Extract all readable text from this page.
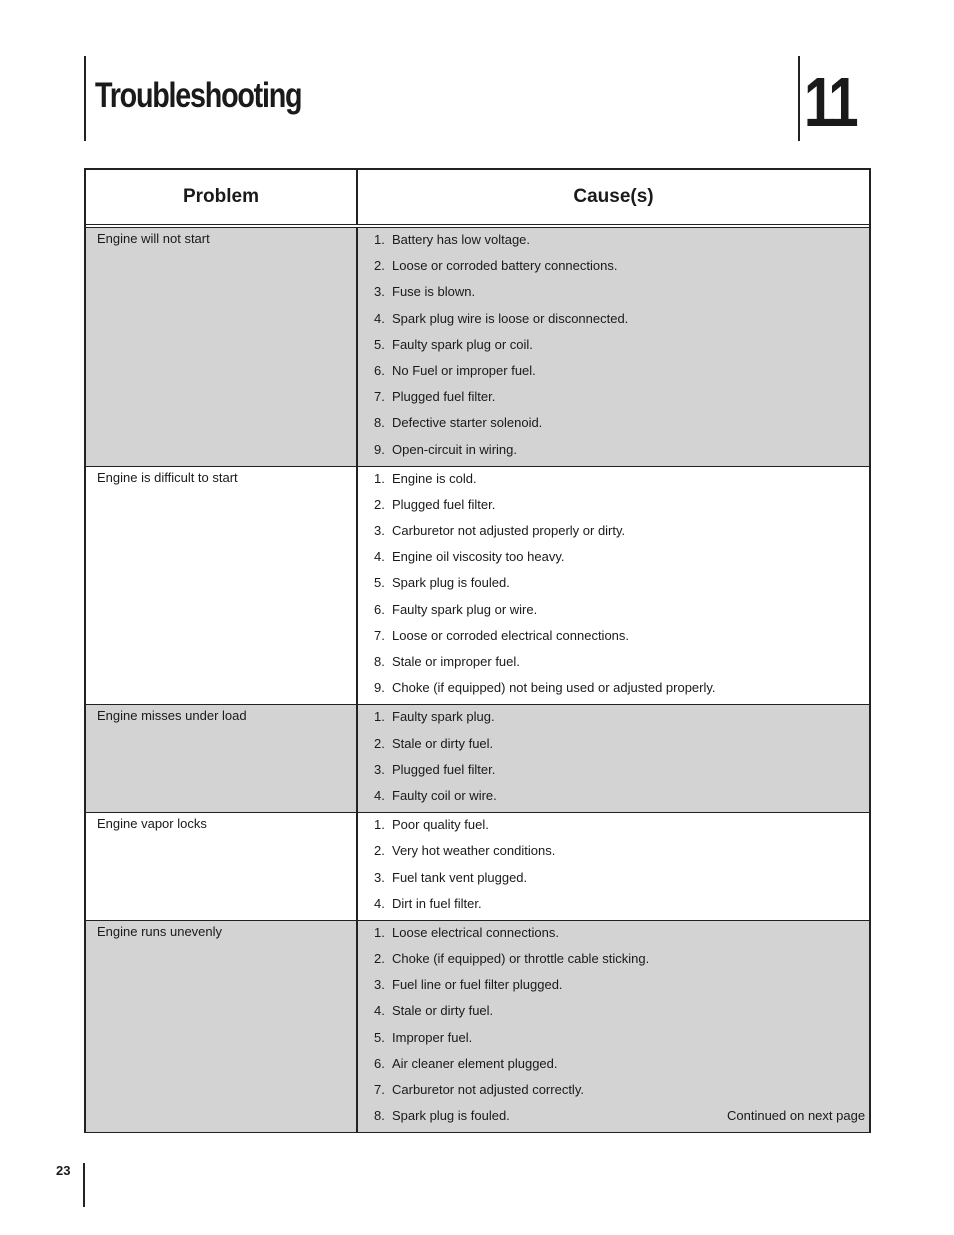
Troubleshooting	11
Problem	Cause(s)
Engine will not start	1. Battery has low voltage.
2. Loose or corroded battery connections.
3. Fuse is blown.
4. Spark plug wire is loose or disconnected.
5. Faulty spark plug or coil.
6. No Fuel or improper fuel.
7. Plugged fuel filter.
8. Defective starter solenoid.
9. Open-circuit in wiring.
Engine is difficult to start	1. Engine is cold.
2. Plugged fuel filter.
3. Carburetor not adjusted properly or dirty.
4. Engine oil viscosity too heavy.
5. Spark plug is fouled.
6. Faulty spark plug or wire.
7. Loose or corroded electrical connections.
8. Stale or improper fuel.
9. Choke (if equipped) not being used or adjusted properly.
Engine misses under load	1. Faulty spark plug.
2. Stale or dirty fuel.
3. Plugged fuel filter.
4. Faulty coil or wire.
Engine vapor locks	1. Poor quality fuel.
2. Very hot weather conditions.
3. Fuel tank vent plugged.
4. Dirt in fuel filter.
Engine runs unevenly	1. Loose electrical connections.
2. Choke (if equipped) or throttle cable sticking.
3. Fuel line or fuel filter plugged.
4. Stale or dirty fuel.
5. Improper fuel.
6. Air cleaner element plugged.
7. Carburetor not adjusted correctly.
8. Spark plug is fouled.	Continued on next page
23
